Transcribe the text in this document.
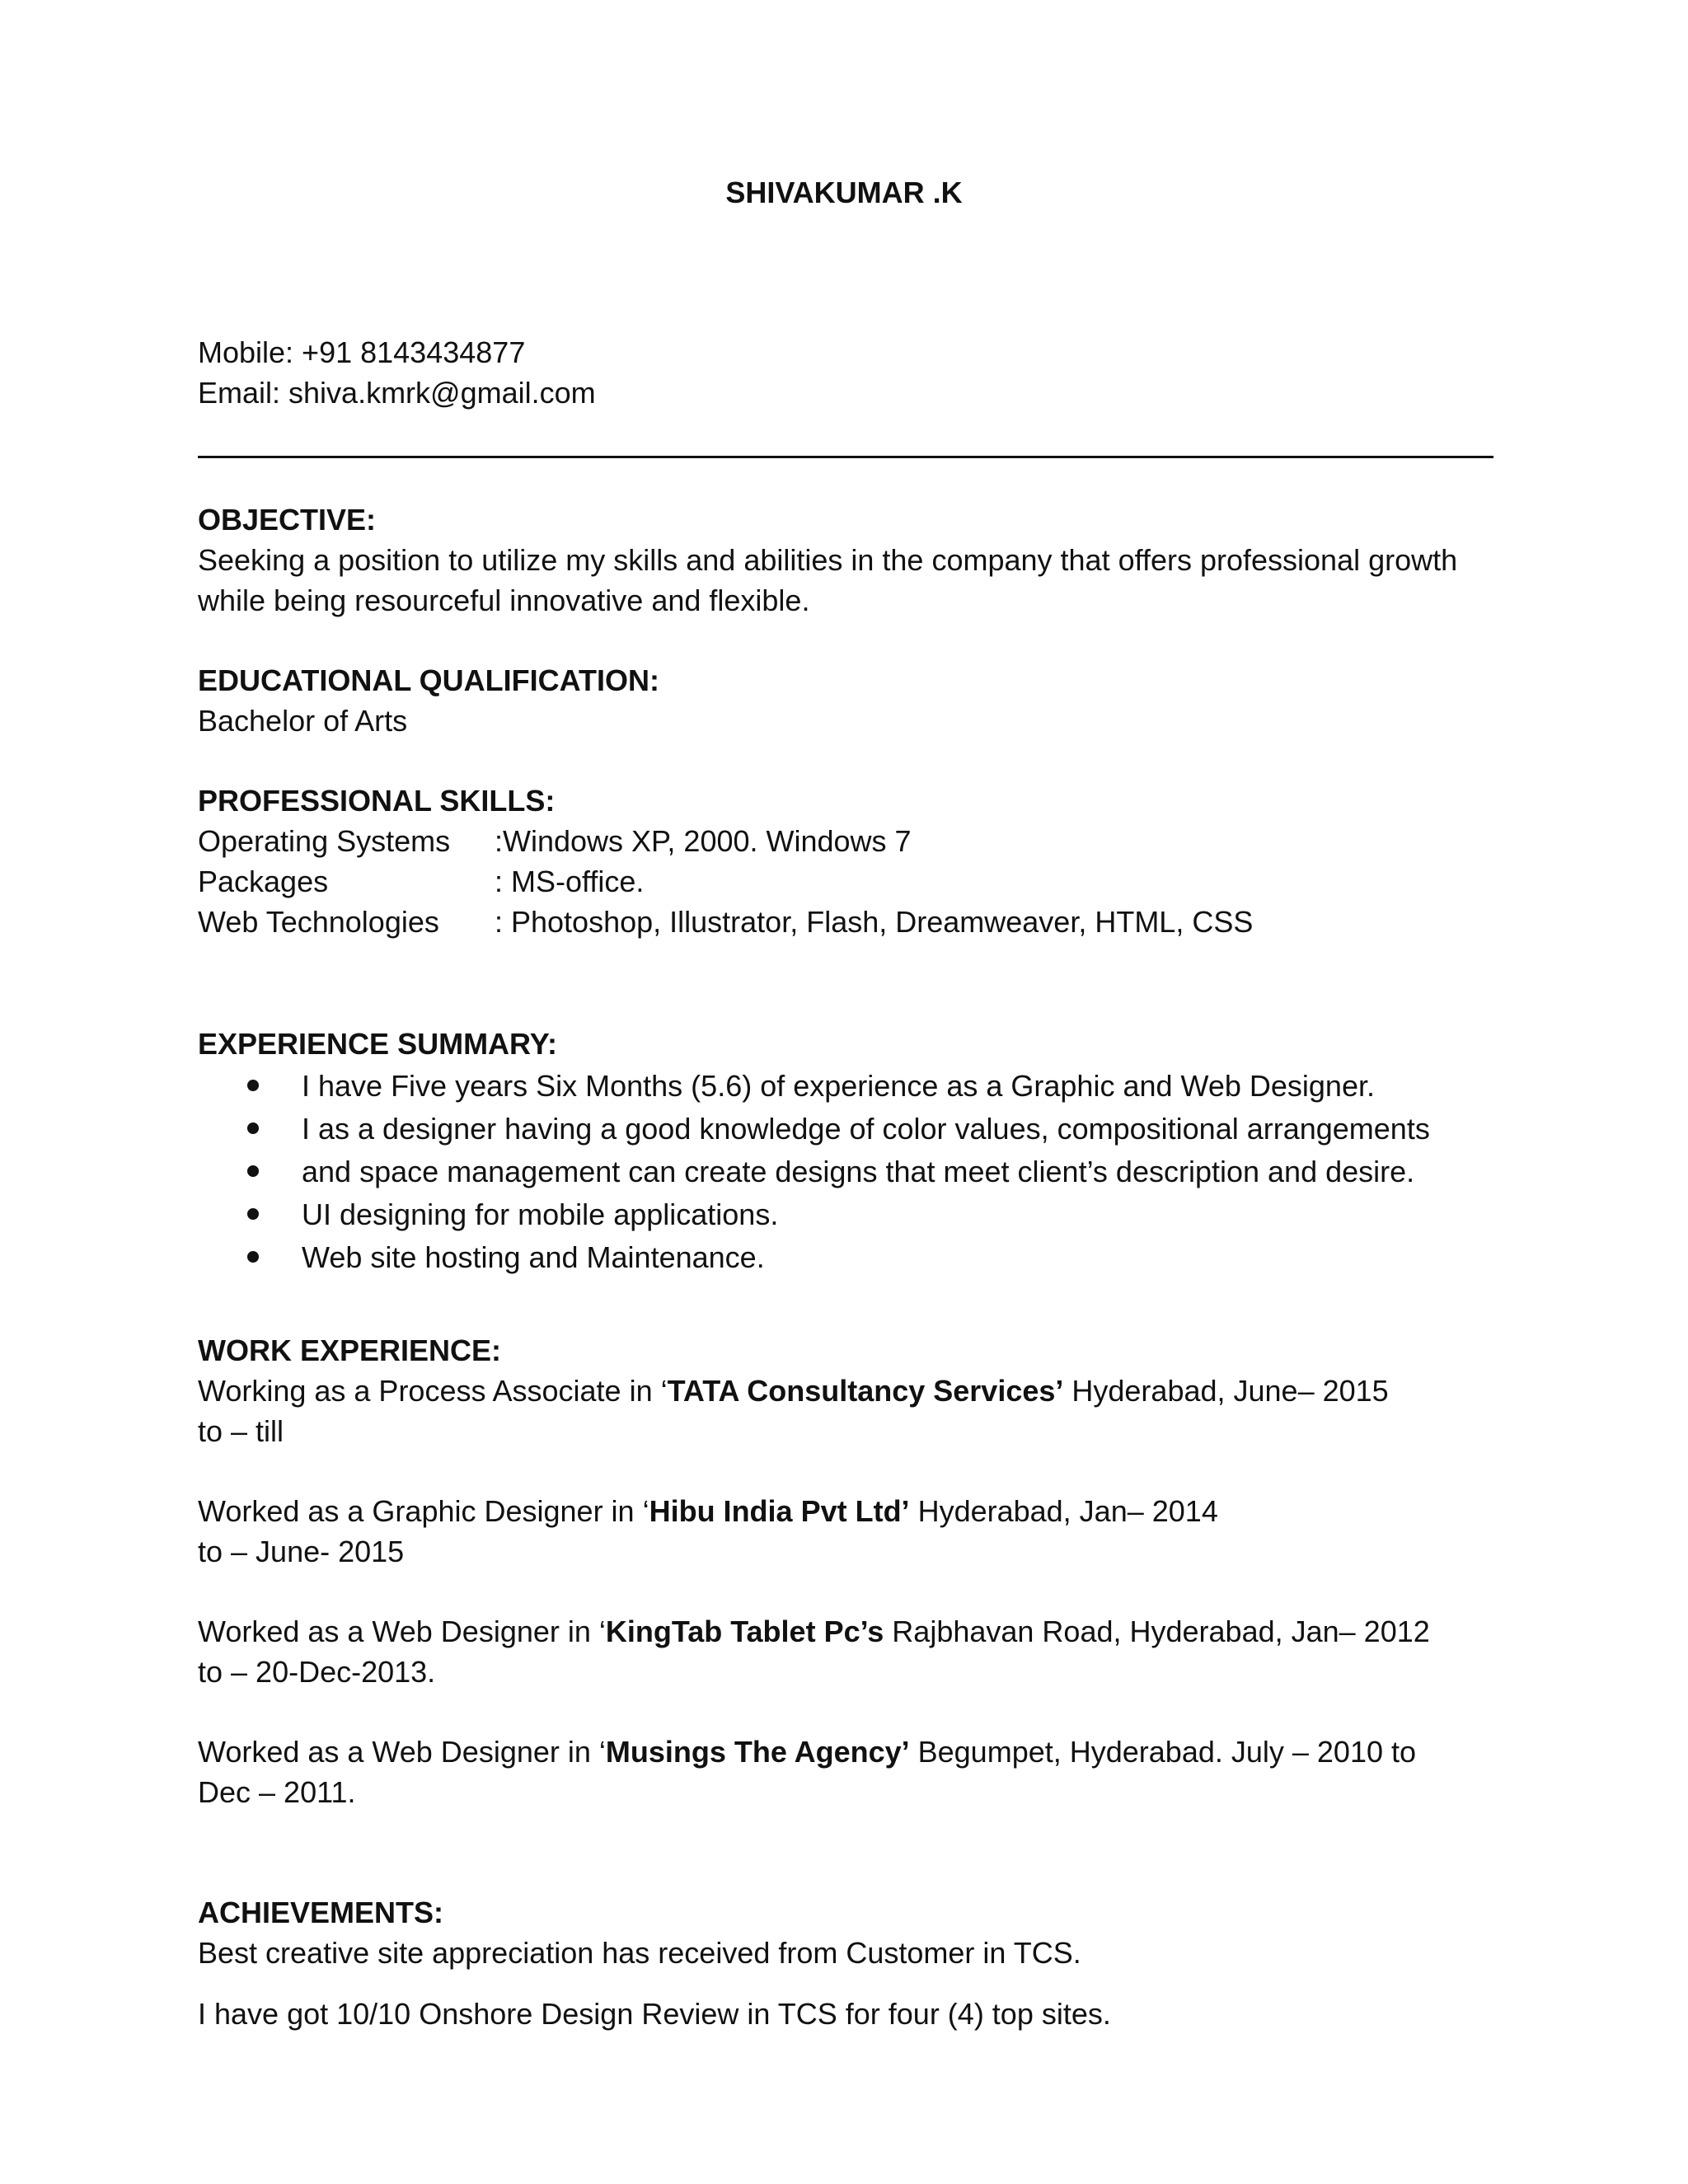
SHIVAKUMAR .K
Mobile: +91 8143434877
Email: shiva.kmrk@gmail.com
OBJECTIVE:
Seeking a position to utilize my skills and abilities in the company that offers professional growth
while being resourceful innovative and flexible.
EDUCATIONAL QUALIFICATION:
Bachelor of Arts
PROFESSIONAL SKILLS:
Operating Systems :Windows XP, 2000. Windows 7
Packages	: MS-office.
Web Technologies : Photoshop, Illustrator, Flash, Dreamweaver, HTML, CSS
EXPERIENCE SUMMARY:
I have Five years Six Months (5.6) of experience as a Graphic and Web Designer.
I as a designer having a good knowledge of color values, compositional arrangements
and space management can create designs that meet client’s description and desire.
UI designing for mobile applications.
Web site hosting and Maintenance.
WORK EXPERIENCE:
Working as a Process Associate in ‘TATA Consultancy Services’ Hyderabad, June– 2015
to – till
Worked as a Graphic Designer in ‘Hibu India Pvt Ltd’ Hyderabad, Jan– 2014
to – June- 2015
Worked as a Web Designer in ‘KingTab Tablet Pc’s Rajbhavan Road, Hyderabad, Jan– 2012
to – 20-Dec-2013.
Worked as a Web Designer in ‘Musings The Agency’ Begumpet, Hyderabad. July – 2010 to
Dec – 2011.
ACHIEVEMENTS:
Best creative site appreciation has received from Customer in TCS.
I have got 10/10 Onshore Design Review in TCS for four (4) top sites.
